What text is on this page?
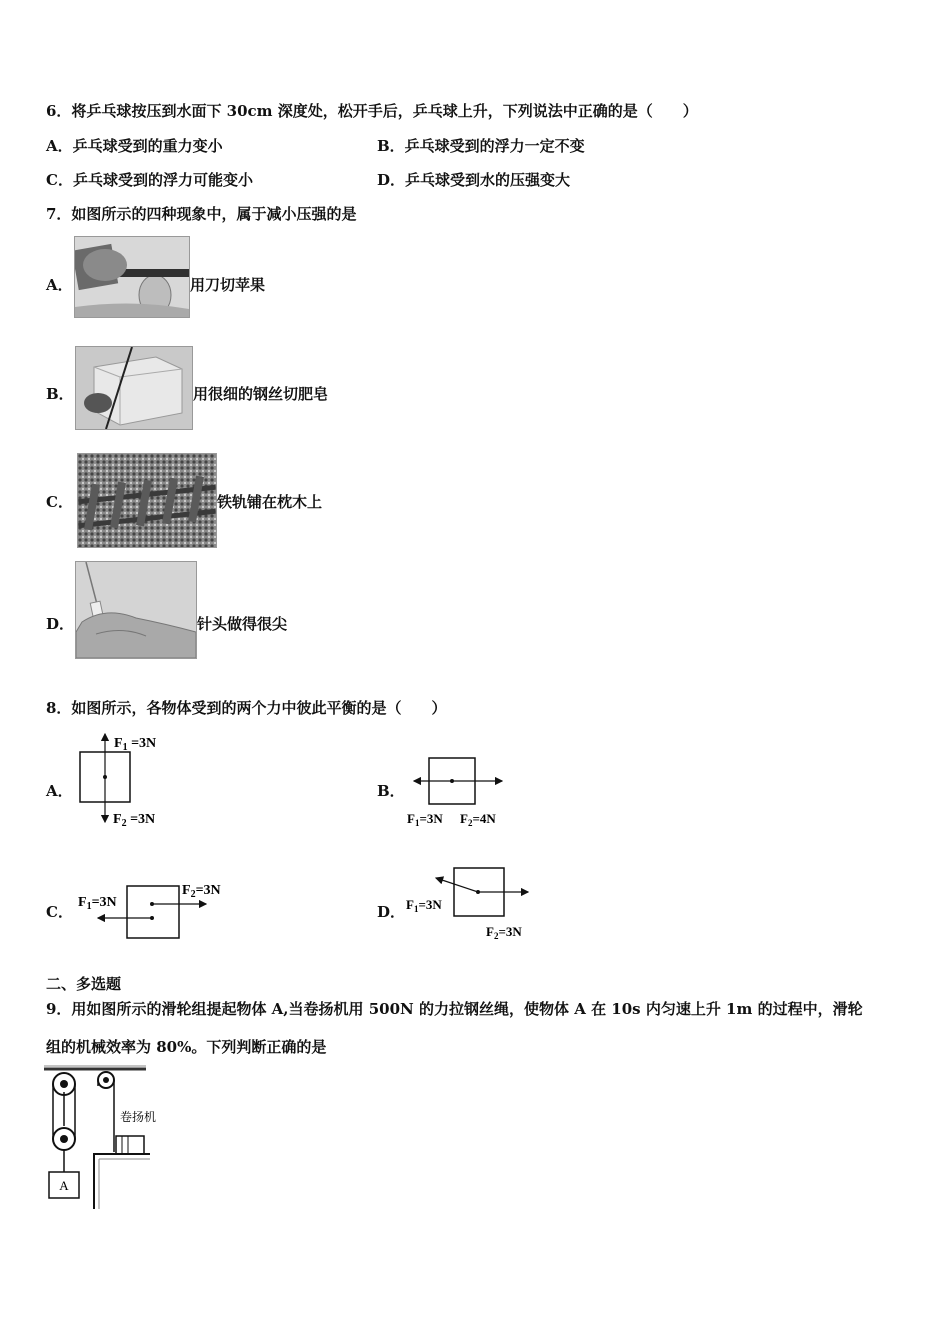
6．将乒乓球按压到水面下 30cm 深度处，松开手后，乒乓球上升，下列说法中正确的是（　　）
A．乒乓球受到的重力变小	B．乒乓球受到的浮力一定不变
C．乒乓球受到的浮力可能变小	D．乒乓球受到水的压强变大
7．如图所示的四种现象中，属于减小压强的是
A．	用刀切苹果
B．	用很细的钢丝切肥皂
C．	铁轨铺在枕木上
D．	针头做得很尖
8．如图所示，各物体受到的两个力中彼此平衡的是（　　）
A．
$F_1 =3N$
$F_2 =3N$
B．
$F_1=3N$ $F_2=4N$
C．
$F_1=3N$
$F_2=3N$
D． $F_1=3N$
$F_2=3N$
二、多选题
9．用如图所示的滑轮组提起物体 A,当卷扬机用 500N 的力拉钢丝绳，使物体 A 在 10s 内匀速上升 1m 的过程中，滑轮
组的机械效率为 80%。下列判断正确的是
A
卷扬机
